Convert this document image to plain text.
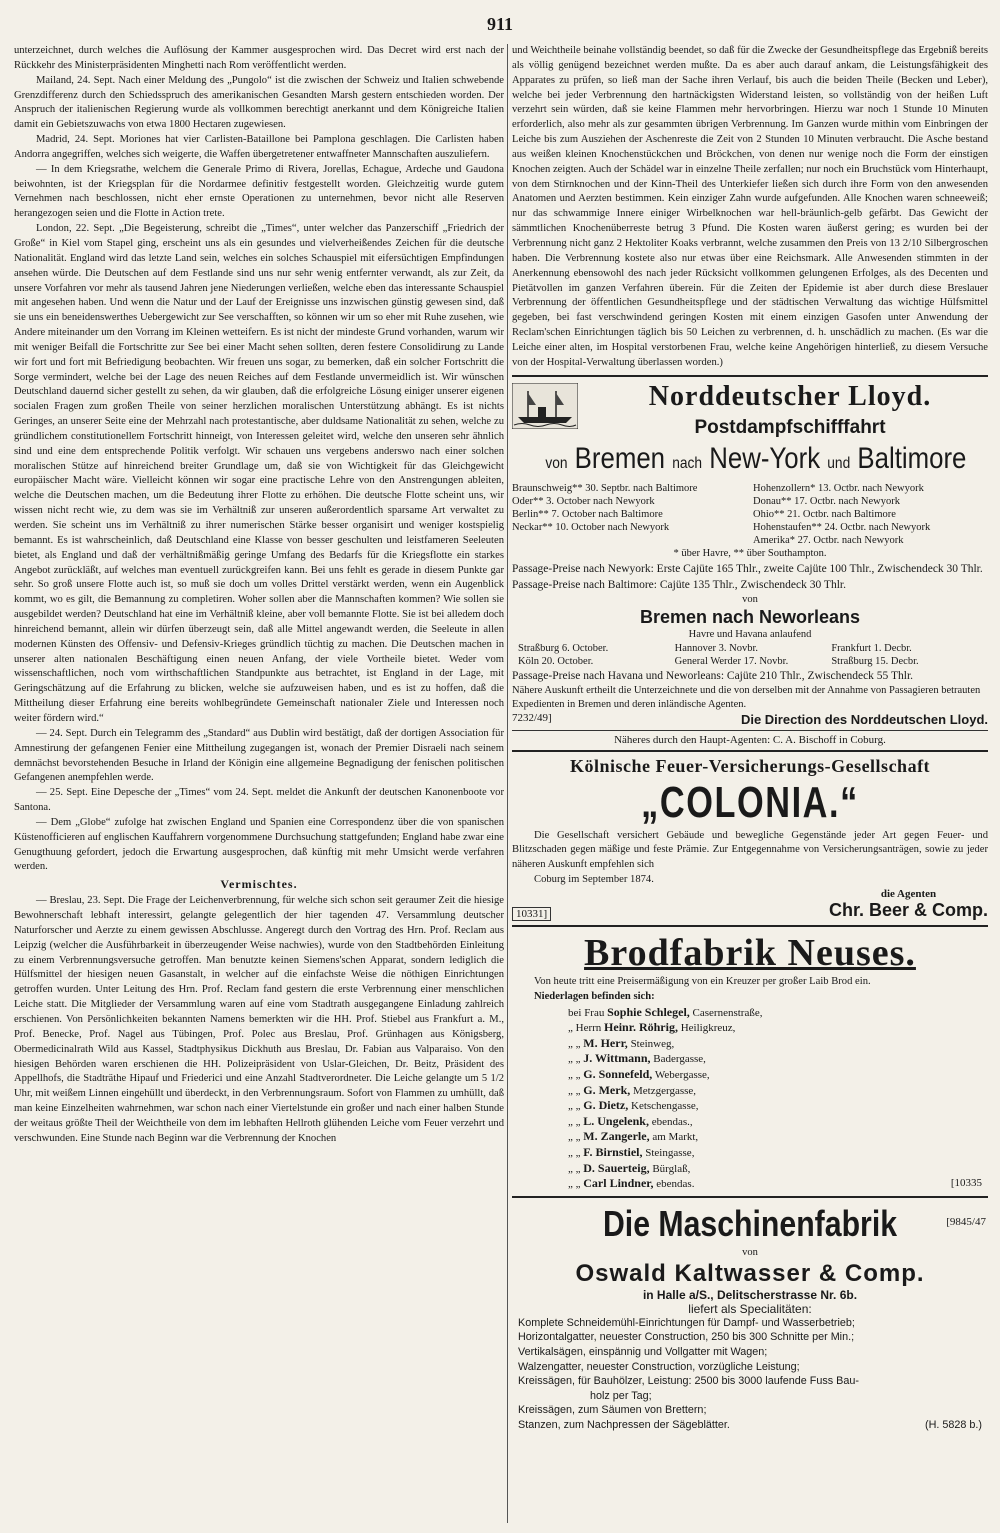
911

unterzeichnet, durch welches die Auflösung der Kammer ausgesprochen wird. Das Decret wird erst nach der Rückkehr des Ministerpräsidenten Minghetti nach Rom veröffentlicht werden.

Mailand, 24. Sept. Nach einer Meldung des „Pungolo“ ist die zwischen der Schweiz und Italien schwebende Grenzdifferenz durch den Schiedsspruch des amerikanischen Gesandten Marsh gestern entschieden worden. Der Anspruch der italienischen Regierung wurde als vollkommen berechtigt anerkannt und dem Königreiche Italien damit ein Gebietszuwachs von etwa 1800 Hectaren zugewiesen.

Madrid, 24. Sept. Moriones hat vier Carlisten-Bataillone bei Pamplona geschlagen. Die Carlisten haben Andorra angegriffen, welches sich weigerte, die Waffen übergetretener entwaffneter Mannschaften auszuliefern.

— In dem Kriegsrathe, welchem die Generale Primo di Rivera, Jorellas, Echague, Ardeche und Gaudona beiwohnten, ist der Kriegsplan für die Nordarmee definitiv festgestellt worden. Gleichzeitig wurde gutem Vernehmen nach beschlossen, nicht eher ernste Operationen zu unternehmen, bevor nicht alle Reserven herangezogen seien und die Flotte in Action trete.

London, 22. Sept. „Die Begeisterung, schreibt die „Times“, unter welcher das Panzerschiff „Friedrich der Große“ in Kiel vom Stapel ging, erscheint uns als ein gesundes und vielverheißendes Zeichen für die deutsche Nationalität. England wird das letzte Land sein, welches ein solches Schauspiel mit eifersüchtigen Empfindungen ansehen würde. Die Deutschen auf dem Festlande sind uns nur sehr wenig entfernter verwandt, als zur Zeit, da unsere Vorfahren vor mehr als tausend Jahren jene Niederungen verließen, welche eben das interessante Schauspiel mit angesehen haben. Und wenn die Natur und der Lauf der Ereignisse uns inzwischen günstig gewesen sind, daß sie uns ein beneidenswerthes Uebergewicht zur See verschafften, so können wir um so eher mit Ruhe zusehen, wie Andere miteinander um den Vorrang im Kleinen wetteifern. Es ist nicht der mindeste Grund vorhanden, warum wir mit weniger Beifall die Fortschritte zur See bei einer Macht sehen sollten, deren festere Consolidirung zu Lande wir fort und fort mit Befriedigung beobachten. Wir freuen uns sogar, zu bemerken, daß ein solcher Fortschritt die Sorge vermindert, welche bei der Lage des neuen Reiches auf dem Festlande unvermeidlich ist. Wir wünschen Deutschland dauernd sicher gestellt zu sehen, da wir glauben, daß die erfolgreiche Lösung einiger unserer eigenen socialen Fragen zum großen Theile von seiner herzlichen moralischen Unterstützung abhängt. Es ist nichts Geringes, an unserer Seite eine der Mehrzahl nach protestantische, aber duldsame Nationalität zu sehen, welche zu gründlichem constitutionellem Fortschritt hinneigt, von Interessen geleitet wird, welche den unseren sehr ähnlich sind und eine dem entsprechende Politik verfolgt. Wir schauen uns vergebens anderswo nach einer solchen moralischen Stütze auf hinreichend breiter Grundlage um, daß sie von Wichtigkeit für das Gleichgewicht europäischer Macht wäre. Vielleicht können wir sogar eine practische Lehre von den Anstrengungen ableiten, welche die Deutschen machen, um die Bedeutung ihrer Flotte zu erhöhen. Die deutsche Flotte scheint uns, wir wissen nicht recht wie, zu dem was sie im Verhältniß zur unseren außerordentlich sparsame Art verwaltet zu werden. Sie scheint uns im Verhältniß zu ihrer numerischen Stärke besser organisirt und weniger kostspielig bemannt. Es ist wahrscheinlich, daß Deutschland eine Klasse von besser geschulten und leistfameren Seeleuten bietet, als England und daß der verhältnißmäßig geringe Umfang des Bedarfs für die Kriegsflotte ein starkes Angebot zurückläßt, auf welches man eventuell zurückgreifen kann. Bei uns fehlt es gerade in diesem Punkte gar sehr. So groß unsere Flotte auch ist, so muß sie doch um volles Drittel verstärkt werden, wenn ein Augenblick kommt, wo es gilt, die Bemannung zu completiren. Woher sollen aber die Mannschaften kommen? Wie sollen sie ausgebildet werden? Deutschland hat eine im Verhältniß kleine, aber voll bemannte Flotte. Sie ist bei alledem doch hinreichend bemannt, allein wir dürfen überzeugt sein, daß alle Mittel angewandt werden, die Seeleute in allen modernen Künsten des Offensiv- und Defensiv-Krieges gründlich tüchtig zu machen. Die Deutschen machen in unserer alten nationalen Beschäftigung einen neuen Anfang, der viele Vortheile bietet. Weder vom wissenschaftlichen, noch vom wirthschaftlichen Standpunkte aus betrachtet, ist England in der Lage, mit Geringschätzung auf die Erfahrung zu blicken, welche sie aufzuweisen haben, und es ist zu hoffen, daß die Mittheilung dieser Erfahrung eine bereits wohlbegründete Gemeinschaft nationaler Ziele und Interessen noch weiter fördern wird.“

— 24. Sept. Durch ein Telegramm des „Standard“ aus Dublin wird bestätigt, daß der dortigen Association für Amnestirung der gefangenen Fenier eine Mittheilung zugegangen ist, wonach der Premier Disraeli nach seinem demnächst bevorstehenden Besuche in Irland der Königin eine allgemeine Begnadigung der fenischen politischen Gefangenen anempfehlen werde.

— 25. Sept. Eine Depesche der „Times“ vom 24. Sept. meldet die Ankunft der deutschen Kanonenboote vor Santona.

— Dem „Globe“ zufolge hat zwischen England und Spanien eine Correspondenz über die von spanischen Küstenofficieren auf englischen Kauffahrern vorgenommene Durchsuchung stattgefunden; England habe zwar eine Genugthuung gefordert, jedoch die Erwartung ausgesprochen, daß künftig mit mehr Umsicht werde verfahren werden.

Vermischtes.

— Breslau, 23. Sept. Die Frage der Leichenverbrennung, für welche sich schon seit geraumer Zeit die hiesige Bewohnerschaft lebhaft interessirt, gelangte gelegentlich der hier tagenden 47. Versammlung deutscher Naturforscher und Aerzte zu einem gewissen Abschlusse. Angeregt durch den Vortrag des Hrn. Prof. Reclam aus Leipzig (welcher die Ausführbarkeit in überzeugender Weise nachwies), wurde von den Stadtbehörden Einleitung zu einem Verbrennungsversuche getroffen. Man benutzte keinen Siemens'schen Apparat, sondern lediglich die Hülfsmittel der hiesigen neuen Gasanstalt, in welcher auf die einfachste Weise die nöthigen Einrichtungen getroffen wurden. Unter Leitung des Hrn. Prof. Reclam fand gestern die erste Verbrennung einer menschlichen Leiche statt. Die Mitglieder der Versammlung waren auf eine vom Stadtrath ausgegangene Einladung zahlreich erschienen. Von Persönlichkeiten bekannten Namens bemerkten wir die HH. Prof. Stiebel aus Frankfurt a. M., Prof. Benecke, Prof. Nagel aus Tübingen, Prof. Polec aus Breslau, Prof. Grünhagen aus Königsberg, Obermedicinalrath Wild aus Kassel, Stadtphysikus Dickhuth aus Breslau, Dr. Fabian aus Valparaiso. Von den hiesigen Behörden waren erschienen die HH. Polizeipräsident von Uslar-Gleichen, Dr. Beitz, Präsident des Appellhofs, die Stadträthe Hipauf und Friederici und eine Anzahl Stadtverordneter. Die Leiche gelangte um 5 1/2 Uhr, mit weißem Linnen eingehüllt und überdeckt, in den Verbrennungsraum. Sofort von Flammen zu umhüllt, daß man keine Einzelheiten wahrnehmen, war schon nach einer Viertelstunde ein großer und nach einer halben Stunde der weitaus größte Theil der Weichtheile von dem im lebhaften Hellroth glühenden Leiche vom Feuer verzehrt und verschwunden. Eine Stunde nach Beginn war die Verbrennung der Knochen

und Weichtheile beinahe vollständig beendet, so daß für die Zwecke der Gesundheitspflege das Ergebniß bereits als völlig genügend bezeichnet werden mußte. Da es aber auch darauf ankam, die Leistungsfähigkeit des Apparates zu prüfen, so ließ man der Sache ihren Verlauf, bis auch die beiden Theile (Becken und Leber), welche bei jeder Verbrennung den hartnäckigsten Widerstand leisten, so vollständig von der heißen Luft verzehrt sein würden, daß sie keine Flammen mehr hervorbringen. Hierzu war noch 1 Stunde 10 Minuten erforderlich, also mehr als zur gesammten übrigen Verbrennung. Im Ganzen wurde mithin vom Einbringen der Leiche bis zum Ausziehen der Aschenreste die Zeit von 2 Stunden 10 Minuten verbraucht. Die Asche bestand aus weißen kleinen Knochenstückchen und Bröckchen, von denen nur wenige noch die Form der einstigen Knochen zeigten. Auch der Schädel war in einzelne Theile zerfallen; nur noch ein Bruchstück vom Hinterhaupt, von dem Stirnknochen und der Kinn-Theil des Unterkiefer ließen sich durch ihre Form von den anwesenden Anatomen und Aerzten bestimmen. Kein einziger Zahn wurde aufgefunden. Alle Knochen waren schneeweiß; nur das schwammige Innere einiger Wirbelknochen war hell-bräunlich-gelb gefärbt. Das Gewicht der sämmtlichen Knochenüberreste betrug 3 Pfund. Die Kosten waren äußerst gering; es wurden bei der Verbrennung nicht ganz 2 Hektoliter Koaks verbrannt, welche zusammen den Preis von 13 2/10 Silbergroschen haben. Die Verbrennung kostete also nur etwas über eine Reichsmark. Alle Anwesenden stimmten in der Anerkennung ebensowohl des nach jeder Rücksicht vollkommen gelungenen Erfolges, als des Decenten und Pietätvollen im ganzen Verfahren überein. Für die Zeiten der Epidemie ist aber durch diese Breslauer Verbrennung der öffentlichen Gesundheitspflege und der städtischen Verwaltung das wichtige Hülfsmittel gegeben, bei fast verschwindend geringen Kosten mit einem einzigen Gasofen unter Anwendung der Reclam'schen Einrichtungen täglich bis 50 Leichen zu verbrennen, d. h. unschädlich zu machen. (Es war die Leiche einer alten, im Hospital verstorbenen Frau, welche keine Angehörigen hinterließ, zu diesem Versuche von der Hospital-Verwaltung überlassen worden.)

Norddeutscher Lloyd.
Postdampfschifffahrt
von Bremen nach New-York und Baltimore
Braunschweig** 30. Septbr. nach Baltimore	Hohenzollern* 13. Octbr. nach Newyork
Oder** 3. October nach Newyork	Donau** 17. Octbr. nach Newyork
Berlin** 7. October nach Baltimore	Ohio** 21. Octbr. nach Baltimore
Neckar** 10. October nach Newyork	Hohenstaufen** 24. Octbr. nach Newyork
Amerika* 27. Octbr. nach Newyork
* über Havre, ** über Southampton.
Passage-Preise nach Newyork: Erste Cajüte 165 Thlr., zweite Cajüte 100 Thlr., Zwischendeck 30 Thlr.
Passage-Preise nach Baltimore: Cajüte 135 Thlr., Zwischendeck 30 Thlr.
von
Bremen nach Neworleans
Havre und Havana anlaufend
Straßburg 6. October.	Hannover 3. Novbr.	Frankfurt 1. Decbr.
Köln 20. October.	General Werder 17. Novbr.	Straßburg 15. Decbr.
Passage-Preise nach Havana und Neworleans: Cajüte 210 Thlr., Zwischendeck 55 Thlr.
Nähere Auskunft ertheilt die Unterzeichnete und die von derselben mit der Annahme von Passagieren betrauten Expedienten in Bremen und deren inländische Agenten.
7232/49]	Die Direction des Norddeutschen Lloyd.
Näheres durch den Haupt-Agenten: C. A. Bischoff in Coburg.
Kölnische Feuer-Versicherungs-Gesellschaft
„COLONIA.“

Die Gesellschaft versichert Gebäude und bewegliche Gegenstände jeder Art gegen Feuer- und Blitzschaden gegen mäßige und feste Prämie. Zur Entgegennahme von Versicherungsanträgen, sowie zu jeder näheren Auskunft empfehlen sich

Coburg im September 1874.
10331]
die Agenten
Chr. Beer & Comp.
Brodfabrik Neuses.
Von heute tritt eine Preisermäßigung von ein Kreuzer per großer Laib Brod ein.
Niederlagen befinden sich:
bei Frau Sophie Schlegel, Casernenstraße,
„ Herrn Heinr. Röhrig, Heiligkreuz,
„ „ M. Herr, Steinweg,
„ „ J. Wittmann, Badergasse,
„ „ G. Sonnefeld, Webergasse,
„ „ G. Merk, Metzgergasse,
„ „ G. Dietz, Ketschengasse,
„ „ L. Ungelenk, ebendas.,
„ „ M. Zangerle, am Markt,
„ „ F. Birnstiel, Steingasse,
„ „ D. Sauerteig, Bürglaß,
„ „ Carl Lindner, ebendas.	[10335
Die Maschinenfabrik	[9845/47
von
Oswald Kaltwasser & Comp.
in Halle a/S., Delitscherstrasse Nr. 6b.
liefert als Specialitäten:
Komplete Schneidemühl-Einrichtungen für Dampf- und Wasserbetrieb;
Horizontalgatter, neuester Construction, 250 bis 300 Schnitte per Min.;
Vertikalsägen, einspännig und Vollgatter mit Wagen;
Walzengatter, neuester Construction, vorzügliche Leistung;
Kreissägen, für Bauhölzer, Leistung: 2500 bis 3000 laufende Fuss Bau-
holz per Tag;
Kreissägen, zum Säumen von Brettern;
Stanzen, zum Nachpressen der Sägeblätter.	(H. 5828 b.)
